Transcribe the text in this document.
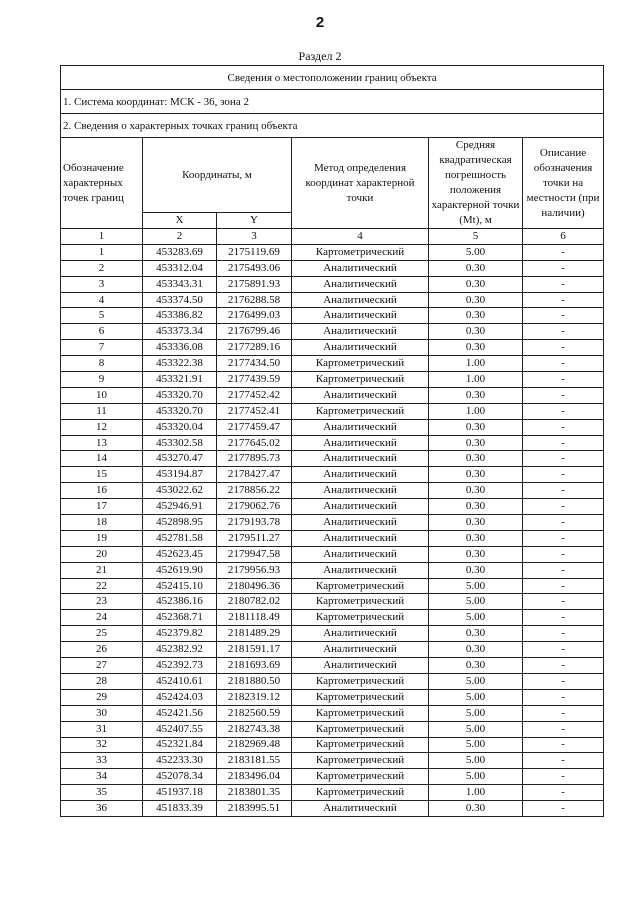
2
Раздел 2
Сведения о местоположении границ объекта					
1. Система координат: МСК - 36, зона 2					
2. Сведения о характерных точках границ объекта					
Обозначение характерных точек границ	Координаты, м		Метод определения координат характерной точки	Средняя квадратическая погрешность положения характерной точки (Mt), м	Описание обозначения точки на местности (при наличии)
	X	Y			
1	2	3	4	5	6
1	453283.69	2175119.69	Картометрический	5.00	-
2	453312.04	2175493.06	Аналитический	0.30	-
3	453343.31	2175891.93	Аналитический	0.30	-
4	453374.50	2176288.58	Аналитический	0.30	-
5	453386.82	2176499.03	Аналитический	0.30	-
6	453373.34	2176799.46	Аналитический	0.30	-
7	453336.08	2177289.16	Аналитический	0.30	-
8	453322.38	2177434.50	Картометрический	1.00	-
9	453321.91	2177439.59	Картометрический	1.00	-
10	453320.70	2177452.42	Аналитический	0.30	-
11	453320.70	2177452.41	Картометрический	1.00	-
12	453320.04	2177459.47	Аналитический	0.30	-
13	453302.58	2177645.02	Аналитический	0.30	-
14	453270.47	2177895.73	Аналитический	0.30	-
15	453194.87	2178427.47	Аналитический	0.30	-
16	453022.62	2178856.22	Аналитический	0.30	-
17	452946.91	2179062.76	Аналитический	0.30	-
18	452898.95	2179193.78	Аналитический	0.30	-
19	452781.58	2179511.27	Аналитический	0.30	-
20	452623.45	2179947.58	Аналитический	0.30	-
21	452619.90	2179956.93	Аналитический	0.30	-
22	452415.10	2180496.36	Картометрический	5.00	-
23	452386.16	2180782.02	Картометрический	5.00	-
24	452368.71	2181118.49	Картометрический	5.00	-
25	452379.82	2181489.29	Аналитический	0.30	-
26	452382.92	2181591.17	Аналитический	0.30	-
27	452392.73	2181693.69	Аналитический	0.30	-
28	452410.61	2181880.50	Картометрический	5.00	-
29	452424.03	2182319.12	Картометрический	5.00	-
30	452421.56	2182560.59	Картометрический	5.00	-
31	452407.55	2182743.38	Картометрический	5.00	-
32	452321.84	2182969.48	Картометрический	5.00	-
33	452233.30	2183181.55	Картометрический	5.00	-
34	452078.34	2183496.04	Картометрический	5.00	-
35	451937.18	2183801.35	Картометрический	1.00	-
36	451833.39	2183995.51	Аналитический	0.30	-
